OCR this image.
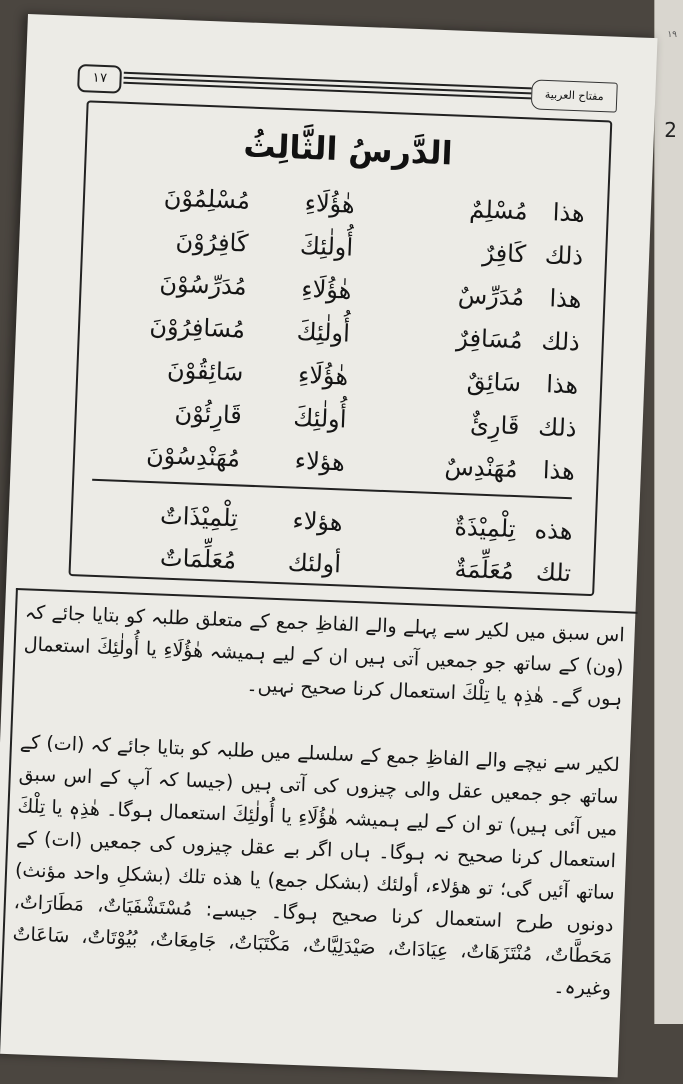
۱۹
2
۱۷
مفتاح العربیة
الدَّرسُ الثَّالِثُ
هذا
مُسْلِمٌ
هٰؤُلَاءِ
مُسْلِمُوْنَ
ذلك
كَافِرٌ
أُولٰئِكَ
كَافِرُوْنَ
هذا
مُدَرِّسٌ
هٰؤُلَاءِ
مُدَرِّسُوْنَ
ذلك
مُسَافِرٌ
أُولٰئِكَ
مُسَافِرُوْنَ
هذا
سَائِقٌ
هٰؤُلَاءِ
سَائِقُوْنَ
ذلك
قَارِئٌ
أُولٰئِكَ
قَارِئُوْنَ
هذا
مُهَنْدِسٌ
هؤلاء
مُهَنْدِسُوْنَ
هذه
تِلْمِيْذَةٌ
هؤلاء
تِلْمِيْذَاتٌ
تلك
مُعَلِّمَةٌ
أولئك
مُعَلِّمَاتٌ

اس سبق میں لکیر سے پہلے والے الفاظِ جمع کے متعلق طلبہ کو بتایا جائے کہ (ون) کے ساتھ جو جمعیں آتی ہیں ان کے لیے ہمیشہ هٰؤُلَاءِ یا أُولٰئِكَ استعمال ہوں گے۔ هٰذِهٖ یا تِلْكَ استعمال کرنا صحیح نہیں۔

لکیر سے نیچے والے الفاظِ جمع کے سلسلے میں طلبہ کو بتایا جائے کہ (ات) کے ساتھ جو جمعیں عقل والی چیزوں کی آتی ہیں (جیسا کہ آپ کے اس سبق میں آئی ہیں) تو ان کے لیے ہمیشہ هٰؤُلَاءِ یا أُولٰئِكَ استعمال ہوگا۔ هٰذِهٖ یا تِلْكَ استعمال کرنا صحیح نہ ہوگا۔ ہاں اگر بے عقل چیزوں کی جمعیں (ات) کے ساتھ آئیں گی؛ تو هؤلاء، أولئك (بشکل جمع) یا هذه تلك (بشکلِ واحد مؤنث) دونوں طرح استعمال کرنا صحیح ہوگا۔ جیسے: مُسْتَشْفَيَاتٌ، مَطَارَاتٌ، مَحَطَّاتٌ، مُنْتَزَهَاتٌ، عِيَادَاتٌ، صَيْدَلِيَّاتٌ، مَكْتَبَاتٌ، جَامِعَاتٌ، بُيُوْتَاتٌ، سَاعَاتٌ وغیرہ۔
